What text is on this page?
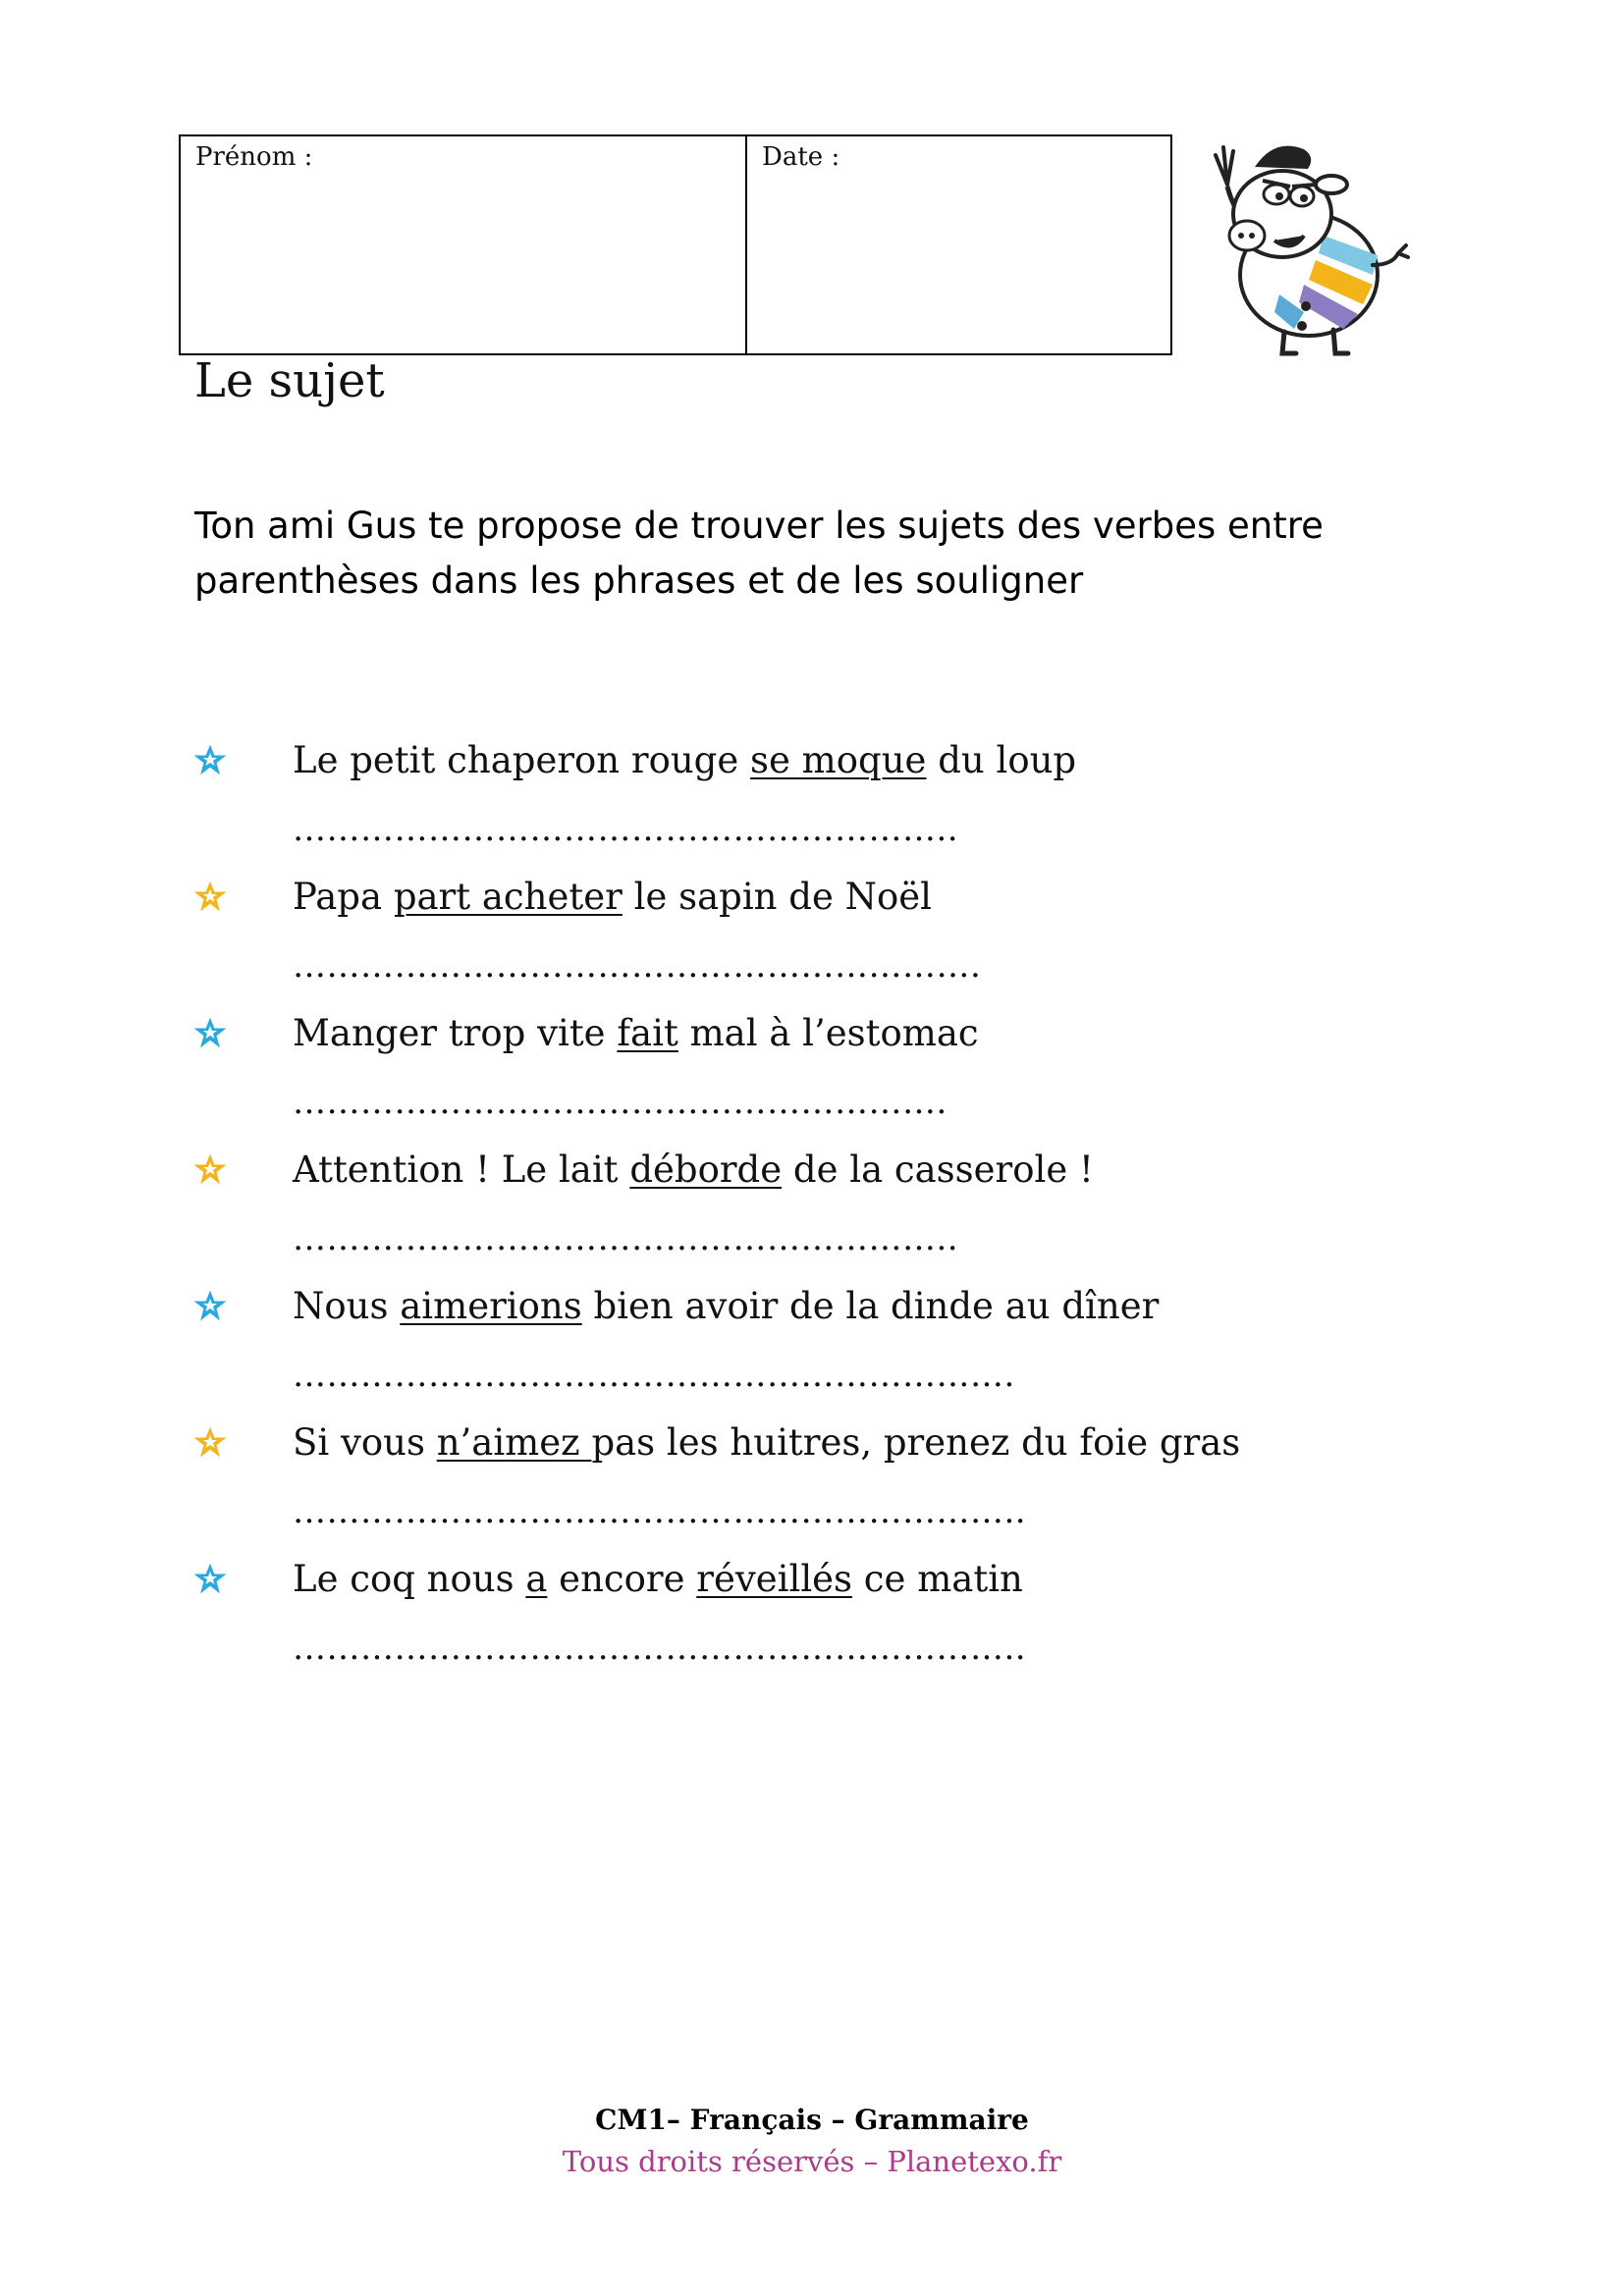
Prénom :	Date :
Le sujet

Ton ami Gus te propose de trouver les sujets des verbes entre parenthèses dans les phrases et de les souligner

Le petit chaperon rouge se moque du loup
…………………………………………………..
Papa part acheter le sapin de Noël
…………………………………………………….
Manger trop vite fait mal à l’estomac
………………………………………………….
Attention ! Le lait déborde de la casserole !
…………………………………………………..
Nous aimerions bien avoir de la dinde au dîner
……………………………………………………….
Si vous n’aimez pas les huitres, prenez du foie gras
………………………………………………………..
Le coq nous a encore réveillés ce matin
………………………………………………………..
CM1– Français – Grammaire
Tous droits réservés – Planetexo.fr
